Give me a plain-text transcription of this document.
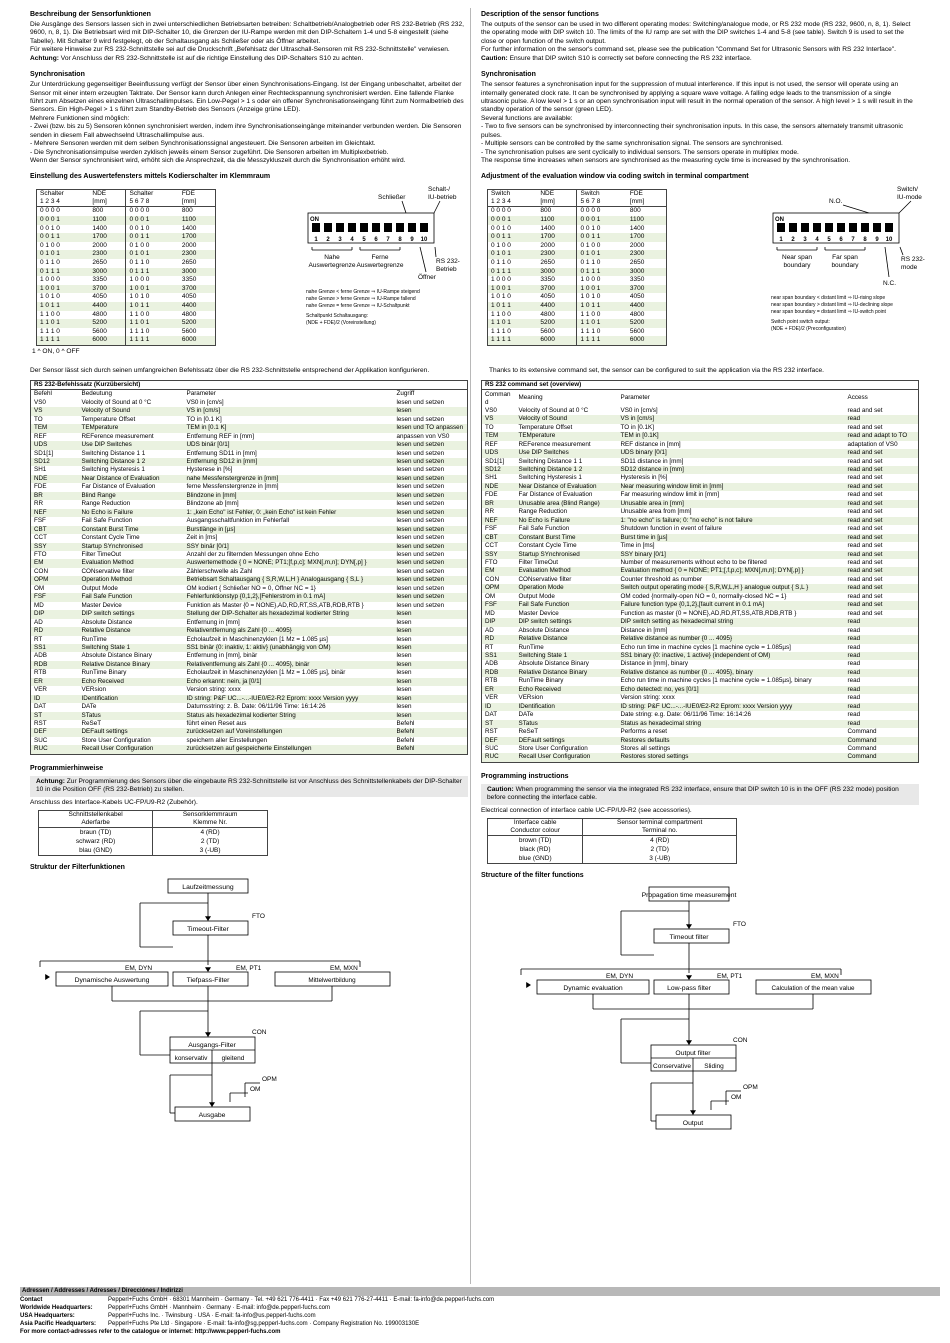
Beschreibung der Sensorfunktionen

Die Ausgänge des Sensors lassen sich in zwei unterschiedlichen Betriebsarten betreiben: Schaltbetrieb/Analogbetrieb oder RS 232-Betrieb (RS 232, 9600, n, 8, 1). Die Betriebsart wird mit DIP-Schalter 10, die Grenzen der IU-Rampe werden mit den DIP-Schaltern 1-4 und 5-8 eingestellt (siehe Tabelle). Mit Schalter 9 wird festgelegt, ob der Schaltausgang als Schließer oder als Öffner arbeitet.

Für weitere Hinweise zur RS 232-Schnittstelle sei auf die Druckschrift „Befehlsatz der Ultraschall-Sensoren mit RS 232-Schnittstelle" verwiesen.

Achtung: Vor Anschluss der RS 232-Schnittstelle ist auf die richtige Einstellung des DIP-Schalters S10 zu achten.

Synchronisation

Zur Unterdrückung gegenseitiger Beeinflussung verfügt der Sensor über einen Synchronisations-Eingang. Ist der Eingang unbeschaltet, arbeitet der Sensor mit einer intern erzeugten Taktrate. Der Sensor kann durch Anlegen einer Rechteckspannung synchronisiert werden. Eine fallende Flanke führt zum Absetzen eines einzelnen Ultraschallimpulses. Ein Low-Pegel > 1 s oder ein offener Synchronisationseingang führt zum Normalbetrieb des Sensors. Ein High-Pegel > 1 s führt zum Standby-Betrieb des Sensors (Anzeige grüne LED).

Mehrere Funktionen sind möglich:

- Zwei (bzw. bis zu 5) Sensoren können synchronisiert werden, indem ihre Synchronisationseingänge miteinander verbunden werden. Die Sensoren senden in diesem Fall abwechselnd Ultraschallimpulse aus.

- Mehrere Sensoren werden mit dem selben Synchronisationssignal angesteuert. Die Sensoren arbeiten im Gleichtakt.

- Die Synchronisationsimpulse werden zyklisch jeweils einem Sensor zugeführt. Die Sensoren arbeiten im Multiplexbetrieb.

Wenn der Sensor synchronisiert wird, erhöht sich die Ansprechzeit, da die Messzykluszeit durch die Synchronisation erhöht wird.

Einstellung des Auswertefensters mittels Kodierschalter im Klemmraum
Schalter
1 2 3 4	NDE
[mm]	Schalter
5 6 7 8	FDE
[mm]
0 0 0 0	800	0 0 0 0	800
0 0 0 1	1100	0 0 0 1	1100
0 0 1 0	1400	0 0 1 0	1400
0 0 1 1	1700	0 0 1 1	1700
0 1 0 0	2000	0 1 0 0	2000
0 1 0 1	2300	0 1 0 1	2300
0 1 1 0	2650	0 1 1 0	2650
0 1 1 1	3000	0 1 1 1	3000
1 0 0 0	3350	1 0 0 0	3350
1 0 0 1	3700	1 0 0 1	3700
1 0 1 0	4050	1 0 1 0	4050
1 0 1 1	4400	1 0 1 1	4400
1 1 0 0	4800	1 1 0 0	4800
1 1 0 1	5200	1 1 0 1	5200
1 1 1 0	5600	1 1 1 0	5600
1 1 1 1	6000	1 1 1 1	6000
1 ^ ON, 0 ^ OFF
Schließer
Schalt-/ IU-betrieb
ON
1 2 3 4 5 6 7 8 9 10
Nahe Auswertegrenze
Ferne Auswertegrenze
RS 232-Betrieb
Öffner
nahe Grenze < ferne Grenze ⇒ IU-Rampe steigend
nahe Grenze > ferne Grenze ⇒ IU-Rampe fallend
nahe Grenze = ferne Grenze ⇒ IU-Schaltpunkt
Schaltpunkt Schaltausgang:
(NDE + FDE)/2 (Voreinstellung)

Der Sensor lässt sich durch seinen umfangreichen Befehlssatz über die RS 232-Schnittstelle entsprechend der Applikation konfigurieren.

RS 232-Befehlssatz (Kurzübersicht)			
Befehl	Bedeutung	Parameter	Zugriff
VS0	Velocity of Sound at 0 °C	VS0 in [cm/s]	lesen und setzen
VS	Velocity of Sound	VS in [cm/s]	lesen
TO	Temperature Offset	TO in [0.1 K]	lesen und setzen
TEM	TEMperature	TEM in [0.1 K]	lesen und TO anpassen
REF	REFerence measurement	Entfernung REF in [mm]	anpassen von VS0
UDS	Use DIP Switches	UDS binär [0/1]	lesen und setzen
SD1[1]	Switching Distance 1 1	Entfernung SD11 in [mm]	lesen und setzen
SD12	Switching Distance 1 2	Entfernung SD12 in [mm]	lesen und setzen
SH1	Switching Hysteresis 1	Hysterese in [%]	lesen und setzen
NDE	Near Distance of Evaluation	nahe Messfenstergrenze in [mm]	lesen und setzen
FDE	Far Distance of Evaluation	ferne Messfenstergrenze in [mm]	lesen und setzen
BR	Blind Range	Blindzone in [mm]	lesen und setzen
RR	Range Reduction	Blindzone ab [mm]	lesen und setzen
NEF	No Echo is Failure	1: „kein Echo" ist Fehler, 0: „kein Echo" ist kein Fehler	lesen und setzen
FSF	Fail Safe Function	Ausgangsschaltfunktion im Fehlerfall	lesen und setzen
CBT	Constant Burst Time	Burstlänge in [µs]	lesen und setzen
CCT	Constant Cycle Time	Zeit in [ms]	lesen und setzen
SSY	Startup SYnchronised	SSY binär [0/1]	lesen und setzen
FTO	Filter TimeOut	Anzahl der zu filternden Messungen ohne Echo	lesen und setzen
EM	Evaluation Method	Auswertemethode { 0 = NONE; PT1;[f,p,c]; MXN[,m,n]; DYN[,p] }	lesen und setzen
CON	CONservative filter	Zählerschwelle als Zahl	lesen und setzen
OPM	Operation Method	Betriebsart Schaltausgang { S,R,W,L,H } Analogausgang { S,L }	lesen und setzen
OM	Output Mode	OM kodiert { Schließer NO = 0, Öffner NC = 1}	lesen und setzen
FSF	Fail Safe Function	Fehlerfunktionstyp {0,1,2},[Fehlerstrom in 0.1 mA]	lesen und setzen
MD	Master Device	Funktion als Master {0 = NONE},AD,RD,RT,SS,ATB,RDB,RTB }	lesen und setzen
DIP	DIP switch settings	Stellung der DIP-Schalter als hexadezimal kodierter String	lesen
AD	Absolute Distance	Entfernung in [mm]	lesen
RD	Relative Distance	Relativentfernung als Zahl {0 ... 4095}	lesen
RT	RunTime	Echolaufzeit in Maschinenzyklen [1 Mz = 1.085 µs]	lesen
SS1	Switching State 1	SS1 binär {0: inaktiv, 1: aktiv} (unabhängig von OM)	lesen
ADB	Absolute Distance Binary	Entfernung in [mm], binär	lesen
RDB	Relative Distance Binary	Relativentfernung als Zahl {0 ... 4095}, binär	lesen
RTB	RunTime Binary	Echolaufzeit in Maschinenzyklen [1 Mz = 1.085 µs], binär	lesen
ER	Echo Received	Echo erkannt: nein, ja [0/1]	lesen
VER	VERsion	Version string: xxxx	lesen
ID	IDentification	ID string: P&F UC...-...-IUE0/E2-R2 Eprom: xxxx Version yyyy	lesen
DAT	DATe	Datumsstring: z. B. Date: 06/11/96 Time: 16:14:26	lesen
ST	STatus	Status als hexadezimal kodierter String	lesen
RST	ReSeT	führt einen Reset aus	Befehl
DEF	DEFault settings	zurücksetzen auf Voreinstellungen	Befehl
SUC	Store User Configuration	speichern aller Einstellungen	Befehl
RUC	Recall User Configuration	zurücksetzen auf gespeicherte Einstellungen	Befehl
Programmierhinweise
Achtung: Zur Programmierung des Sensors über die eingebaute RS 232-Schnittstelle ist vor Anschluss des Schnittstellenkabels der DIP-Schalter 10 in die Position OFF (RS 232-Betrieb) zu stellen.

Anschluss des Interface-Kabels UC-FP/U9-R2 (Zubehör).

Schnittstellenkabel
Aderfarbe	Sensorklemmraum
Klemme Nr.
braun (TD)	4 (RD)
schwarz (RD)	2 (TD)
blau (GND)	3 (-UB)
Struktur der Filterfunktionen
Laufzeitmessung
FTO
Timeout-Filter
EM, DYN	EM, PT1	EM, MXN
Dynamische Auswertung	Tiefpass-Filter	Mittelwertbildung
CON
Ausgangs-Filter
konservativ gleitend
OPM
OM
Ausgabe
Description of the sensor functions

The outputs of the sensor can be used in two different operating modes: Switching/analogue mode, or RS 232 mode (RS 232, 9600, n, 8, 1). Select the operating mode with DIP switch 10. The limits of the IU ramp are set with the DIP switches 1-4 and 5-8 (see table). Switch 9 is used to set the close or open function of the switch output.

For further information on the sensor's command set, please see the publication "Command Set for Ultrasonic Sensors with RS 232 Interface".

Caution: Ensure that DIP switch S10 is correctly set before connecting the RS 232 interface.

Synchronisation

The sensor features a synchronisation input for the suppression of mutual interference. If this input is not used, the sensor will operate using an internally generated clock rate. It can be synchronised by applying a square wave voltage. A falling edge leads to the transmission of a single ultrasonic pulse. A low level > 1 s or an open synchronisation input will result in the normal operation of the sensor. A high level > 1 s will result in the standby operation of the sensor (green LED).

Several functions are available:

- Two to five sensors can be synchronised by interconnecting their synchronisation inputs. In this case, the sensors alternately transmit ultrasonic pulses.

- Multiple sensors can be controlled by the same synchronisation signal. The sensors are synchronised.

- The synchronisation pulses are sent cyclically to individual sensors. The sensors operate in multiplex mode.

The response time increases when sensors are synchronised as the measuring cycle time is increased by the synchronisation.

Adjustment of the evaluation window via coding switch in terminal compartment
Switch
1 2 3 4	NDE
[mm]	Switch
5 6 7 8	FDE
[mm]
0 0 0 0	800	0 0 0 0	800
0 0 0 1	1100	0 0 0 1	1100
0 0 1 0	1400	0 0 1 0	1400
0 0 1 1	1700	0 0 1 1	1700
0 1 0 0	2000	0 1 0 0	2000
0 1 0 1	2300	0 1 0 1	2300
0 1 1 0	2650	0 1 1 0	2650
0 1 1 1	3000	0 1 1 1	3000
1 0 0 0	3350	1 0 0 0	3350
1 0 0 1	3700	1 0 0 1	3700
1 0 1 0	4050	1 0 1 0	4050
1 0 1 1	4400	1 0 1 1	4400
1 1 0 0	4800	1 1 0 0	4800
1 1 0 1	5200	1 1 0 1	5200
1 1 1 0	5600	1 1 1 0	5600
1 1 1 1	6000	1 1 1 1	6000
N.O.
Switch/ IU-mode
ON
1 2 3 4 5 6 7 8 9 10
Near span boundary
Far span boundary
RS 232-mode
N.C.
near span boundary < distant limit ⇒ IU-rising slope
near span boundary > distant limit ⇒ IU-declining slope
near span boundary = distant limit ⇒ IU-switch point
Switch point switch output:
(NDE + FDE)/2 (Preconfiguration)

Thanks to its extensive command set, the sensor can be configured to suit the application via the RS 232 interface.

RS 232 command set (overview)			
Comman
d	Meaning	Parameter	Access
VS0	Velocity of Sound at 0 °C	VS0 in [cm/s]	read and set
VS	Velocity of Sound	VS in [cm/s]	read
TO	Temperature Offset	TO in [0.1K]	read and set
TEM	TEMperature	TEM in [0.1K]	read and adapt to TO
REF	REFerence measurement	REF distance in [mm]	adaptation of VS0
UDS	Use DIP Switches	UDS binary [0/1]	read and set
SD1[1]	Switching Distance 1 1	SD11 distance in [mm]	read and set
SD12	Switching Distance 1 2	SD12 distance in [mm]	read and set
SH1	Switching Hysteresis 1	Hysteresis in [%]	read and set
NDE	Near Distance of Evaluation	Near measuring window limit in [mm]	read and set
FDE	Far Distance of Evaluation	Far measuring window limit in [mm]	read and set
BR	Unusable area (Blind Range)	Unusable area in [mm]	read and set
RR	Range Reduction	Unusable area from [mm]	read and set
NEF	No Echo is Failure	1: "no echo" is failure; 0: "no echo" is not failure	read and set
FSF	Fail Safe Function	Shutdown function in event of failure	read and set
CBT	Constant Burst Time	Burst time in [µs]	read and set
CCT	Constant Cycle Time	Time in [ms]	read and set
SSY	Startup SYnchronised	SSY binary [0/1]	read and set
FTO	Filter TimeOut	Number of measurements without echo to be filtered	read and set
EM	Evaluation Method	Evaluation method { 0 = NONE; PT1;[,f,p,c]; MXN[,m,n]; DYN[,p] }	read and set
CON	CONservative filter	Counter threshold as number	read and set
OPM	Operation Mode	Switch output operating mode { S,R,W,L,H } analogue output { S,L }	read and set
OM	Output Mode	OM coded {normally-open NO = 0, normally-closed NC = 1}	read and set
FSF	Fail Safe Function	Failure function type {0,1,2},[fault current in 0.1 mA]	read and set
MD	Master Device	Function as master {0 = NONE},AD,RD,RT,SS,ATB,RDB,RTB }	read and set
DIP	DIP switch settings	DIP switch setting as hexadecimal string	read
AD	Absolute Distance	Distance in [mm]	read
RD	Relative Distance	Relative distance as number {0 ... 4095}	read
RT	RunTime	Echo run time in machine cycles [1 machine cycle = 1.085µs]	read
SS1	Switching State 1	SS1 binary {0: inactive, 1 active} (independent of OM)	read
ADB	Absolute Distance Binary	Distance in [mm], binary	read
RDB	Relative Distance Binary	Relative distance as number {0 ... 4095}, binary	read
RTB	RunTime Binary	Echo run time in machine cycles [1 machine cycle = 1.085µs], binary	read
ER	Echo Received	Echo detected: no, yes [0/1]	read
VER	VERsion	Version string: xxxx	read
ID	IDentification	ID string: P&F UC...-...-IUE0/E2-R2 Eprom: xxxx Version yyyy	read
DAT	DATe	Date string: e.g. Date: 06/11/96 Time: 16:14:26	read
ST	STatus	Status as hexadecimal string	read
RST	ReSeT	Performs a reset	Command
DEF	DEFault settings	Restores defaults	Command
SUC	Store User Configuration	Stores all settings	Command
RUC	Recall User Configuration	Restores stored settings	Command
Programming instructions
Caution: When programming the sensor via the integrated RS 232 interface, ensure that DIP switch 10 is in the OFF (RS 232 mode) position before connecting the interface cable.

Electrical connection of interface cable UC-FP/U9-R2 (see accessories).

Interface cable
Conductor colour	Sensor terminal compartment
Terminal no.
brown (TD)	4 (RD)
black (RD)	2 (TD)
blue (GND)	3 (-UB)
Structure of the filter functions
Propagation time measurement
FTO
Timeout filter
EM, DYN	EM, PT1	EM, MXN
Dynamic evaluation	Low-pass filter	Calculation of the mean value
CON
Output filter
Conservative Sliding
OPM
OM
Output
Adressen / Addresses / Adresses / Direcciónes / Indirizzi
Contact	Pepperl+Fuchs GmbH · 68301 Mannheim · Germany · Tel. +49 621 776-4411 · Fax +49 621 776-27-4411 · E-mail: fa-info@de.pepperl-fuchs.com
Worldwide Headquarters:	Pepperl+Fuchs GmbH · Mannheim · Germany · E-mail: info@de.pepperl-fuchs.com
USA Headquarters:	Pepperl+Fuchs Inc. · Twinsburg · USA · E-mail: fa-info@us.pepperl-fuchs.com
Asia Pacific Headquarters:	Pepperl+Fuchs Pte Ltd · Singapore · E-mail: fa-info@sg.pepperl-fuchs.com · Company Registration No. 199003130E
For more contact-adresses refer to the catalogue or internet: http://www.pepperl-fuchs.com
